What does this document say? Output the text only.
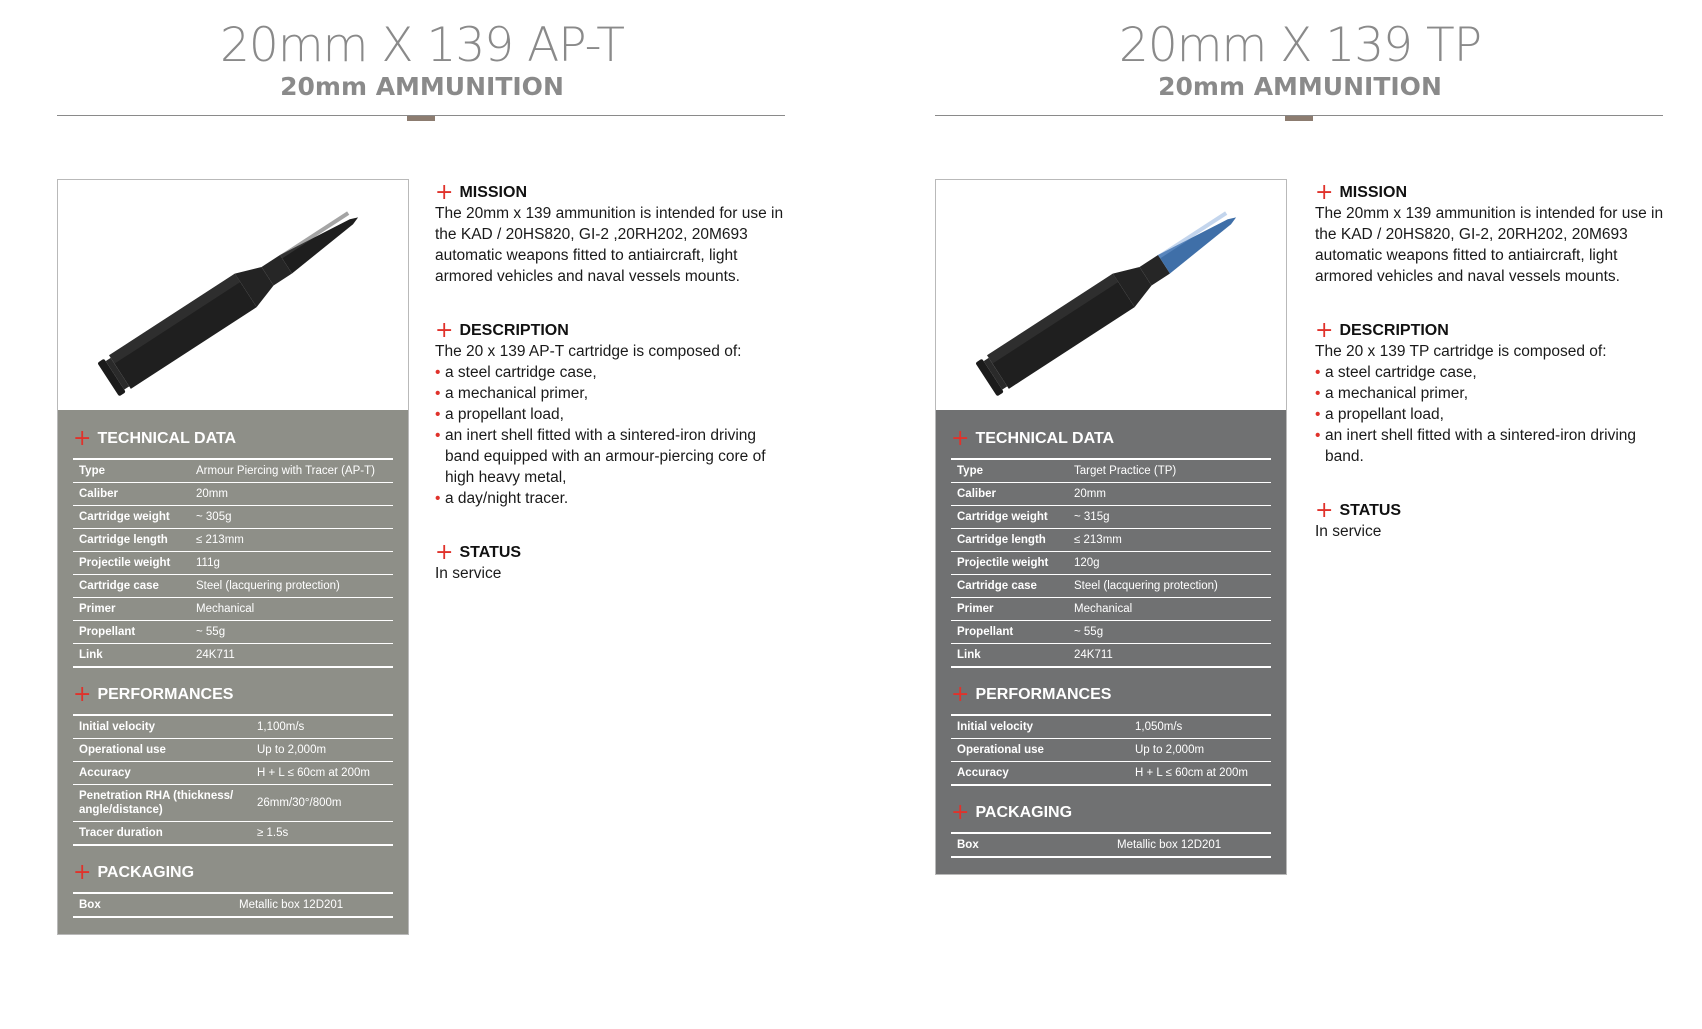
20mm X 139 AP-T
20mm AMMUNITION
+ TECHNICAL DATA
Type	Armour Piercing with Tracer (AP-T)
Caliber	20mm
Cartridge weight	~ 305g
Cartridge length	≤ 213mm
Projectile weight	111g
Cartridge case	Steel (lacquering protection)
Primer	Mechanical
Propellant	~ 55g
Link	24K711
+ PERFORMANCES
Initial velocity	1,100m/s
Operational use	Up to 2,000m
Accuracy	H + L ≤ 60cm at 200m
Penetration RHA (thickness/ angle/distance)	26mm/30°/800m
Tracer duration	≥ 1.5s
+ PACKAGING
Box	Metallic box 12D201
+ MISSION

The 20mm x 139 ammunition is intended for use in the KAD / 20HS820, GI-2 ,20RH202, 20M693 automatic weapons fitted to antiaircraft, light armored vehicles and naval vessels mounts.

+ DESCRIPTION

The 20 x 139 AP-T cartridge is composed of:

• a steel cartridge case,
• a mechanical primer,
• a propellant load,
• an inert shell fitted with a sintered-iron driving band equipped with an armour-piercing core of high heavy metal,
• a day/night tracer.
+ STATUS

In service

20mm X 139 TP
20mm AMMUNITION
+ TECHNICAL DATA
Type	Target Practice (TP)
Caliber	20mm
Cartridge weight	~ 315g
Cartridge length	≤ 213mm
Projectile weight	120g
Cartridge case	Steel (lacquering protection)
Primer	Mechanical
Propellant	~ 55g
Link	24K711
+ PERFORMANCES
Initial velocity	1,050m/s
Operational use	Up to 2,000m
Accuracy	H + L ≤ 60cm at 200m
+ PACKAGING
Box	Metallic box 12D201
+ MISSION

The 20mm x 139 ammunition is intended for use in the KAD / 20HS820, GI-2, 20RH202, 20M693 automatic weapons fitted to antiaircraft, light armored vehicles and naval vessels mounts.

+ DESCRIPTION

The 20 x 139 TP cartridge is composed of:

• a steel cartridge case,
• a mechanical primer,
• a propellant load,
• an inert shell fitted with a sintered-iron driving band.
+ STATUS

In service
